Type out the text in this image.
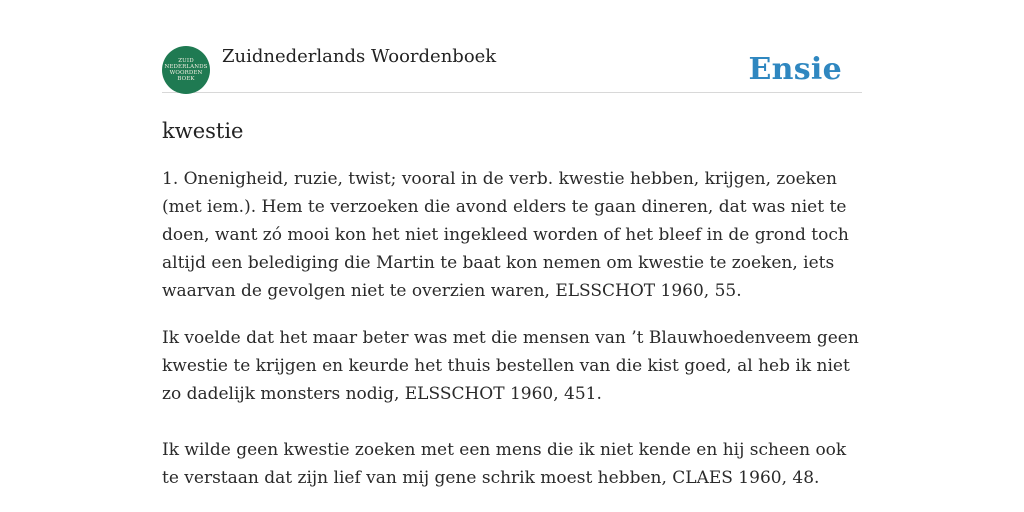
ZUID
NEDERLANDS
WOORDEN
BOEK
Zuidnederlands Woordenboek	Ensie
kwestie

1. Onenigheid, ruzie, twist; vooral in de verb. kwestie hebben, krijgen, zoeken (met iem.). Hem te verzoeken die avond elders te gaan dineren, dat was niet te doen, want zó mooi kon het niet ingekleed worden of het bleef in de grond toch altijd een belediging die Martin te baat kon nemen om kwestie te zoeken, iets waarvan de gevolgen niet te overzien waren, ELSSCHOT 1960, 55.

Ik voelde dat het maar beter was met die mensen van ’t Blauwhoedenveem geen kwestie te krijgen en keurde het thuis bestellen van die kist goed, al heb ik niet zo dadelijk monsters nodig, ELSSCHOT 1960, 451.

Ik wilde geen kwestie zoeken met een mens die ik niet kende en hij scheen ook te verstaan dat zijn lief van mij gene schrik moest hebben, CLAES 1960, 48.
